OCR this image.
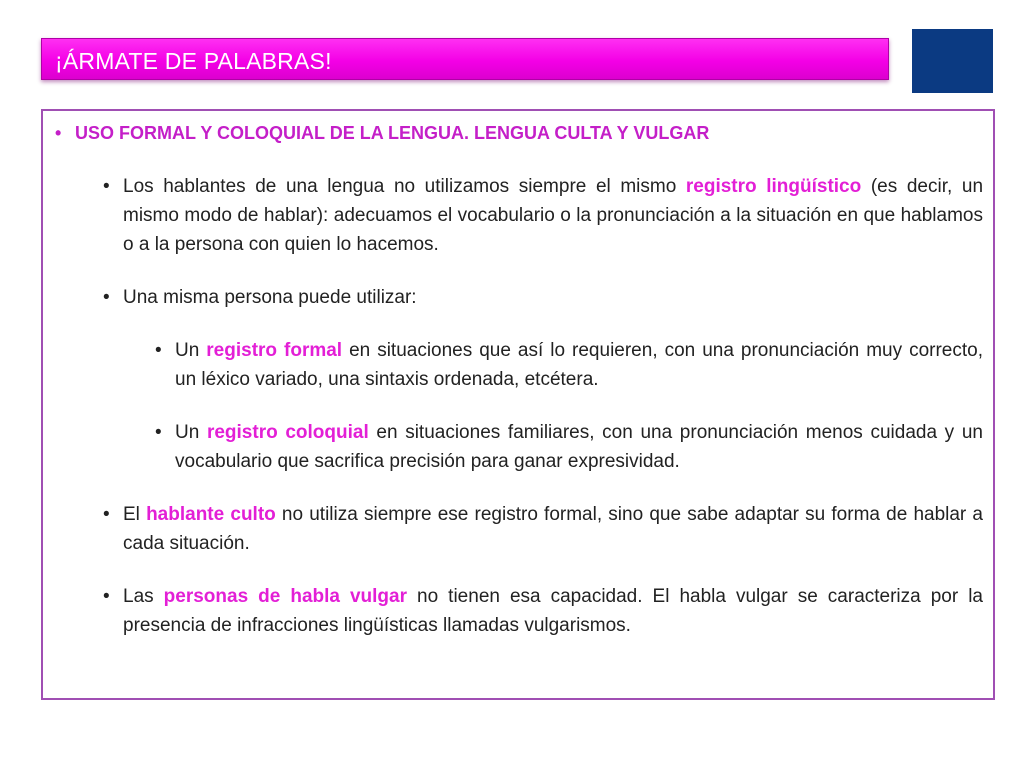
¡ÁRMATE DE PALABRAS!
• USO FORMAL Y COLOQUIAL DE LA LENGUA. LENGUA CULTA Y VULGAR
• Los hablantes de una lengua no utilizamos siempre el mismo registro lingüístico (es decir, un mismo modo de hablar): adecuamos el vocabulario o la pronunciación a la situación en que hablamos o a la persona con quien lo hacemos.
• Una misma persona puede utilizar:
• Un registro formal en situaciones que así lo requieren, con una pronunciación muy correcto, un léxico variado, una sintaxis ordenada, etcétera.
• Un registro coloquial en situaciones familiares, con una pronunciación menos cuidada y un vocabulario que sacrifica precisión para ganar expresividad.
• El hablante culto no utiliza siempre ese registro formal, sino que sabe adaptar su forma de hablar a cada situación.
• Las personas de habla vulgar no tienen esa capacidad. El habla vulgar se caracteriza por la presencia de infracciones lingüísticas llamadas vulgarismos.
